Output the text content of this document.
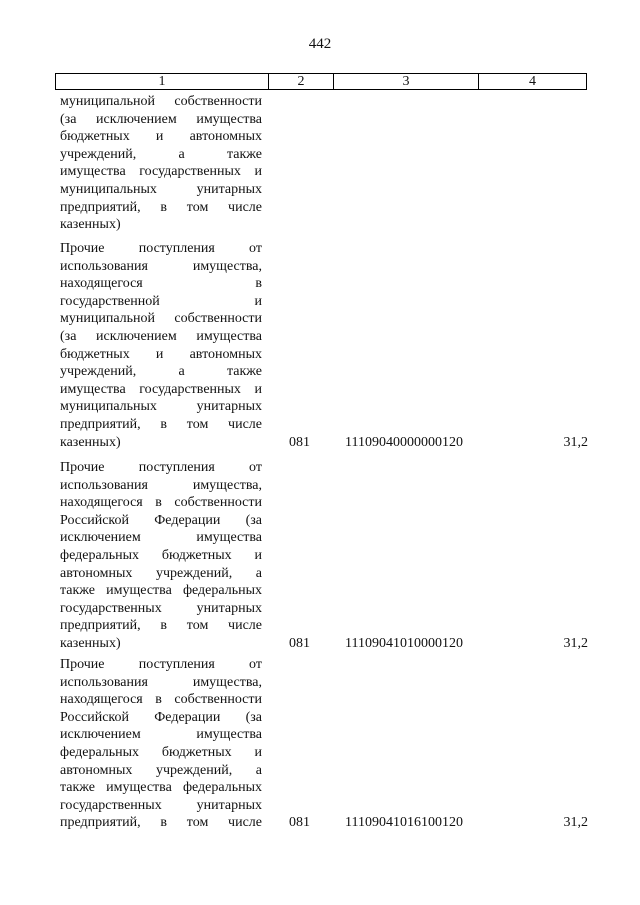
442
1	2	3	4
муниципальной собственности
(за исключением имущества
бюджетных и автономных
учреждений, а также
имущества государственных и
муниципальных унитарных
предприятий, в том числе
казенных)
Прочие поступления от
использования имущества,
находящегося в
государственной и
муниципальной собственности
(за исключением имущества
бюджетных и автономных
учреждений, а также
имущества государственных и
муниципальных унитарных
предприятий, в том числе
казенных)	081	11109040000000120	31,2
Прочие поступления от
использования имущества,
находящегося в собственности
Российской Федерации (за
исключением имущества
федеральных бюджетных и
автономных учреждений, а
также имущества федеральных
государственных унитарных
предприятий, в том числе
казенных)	081	11109041010000120	31,2
Прочие поступления от
использования имущества,
находящегося в собственности
Российской Федерации (за
исключением имущества
федеральных бюджетных и
автономных учреждений, а
также имущества федеральных
государственных унитарных
предприятий, в том числе 081	11109041016100120	31,2
